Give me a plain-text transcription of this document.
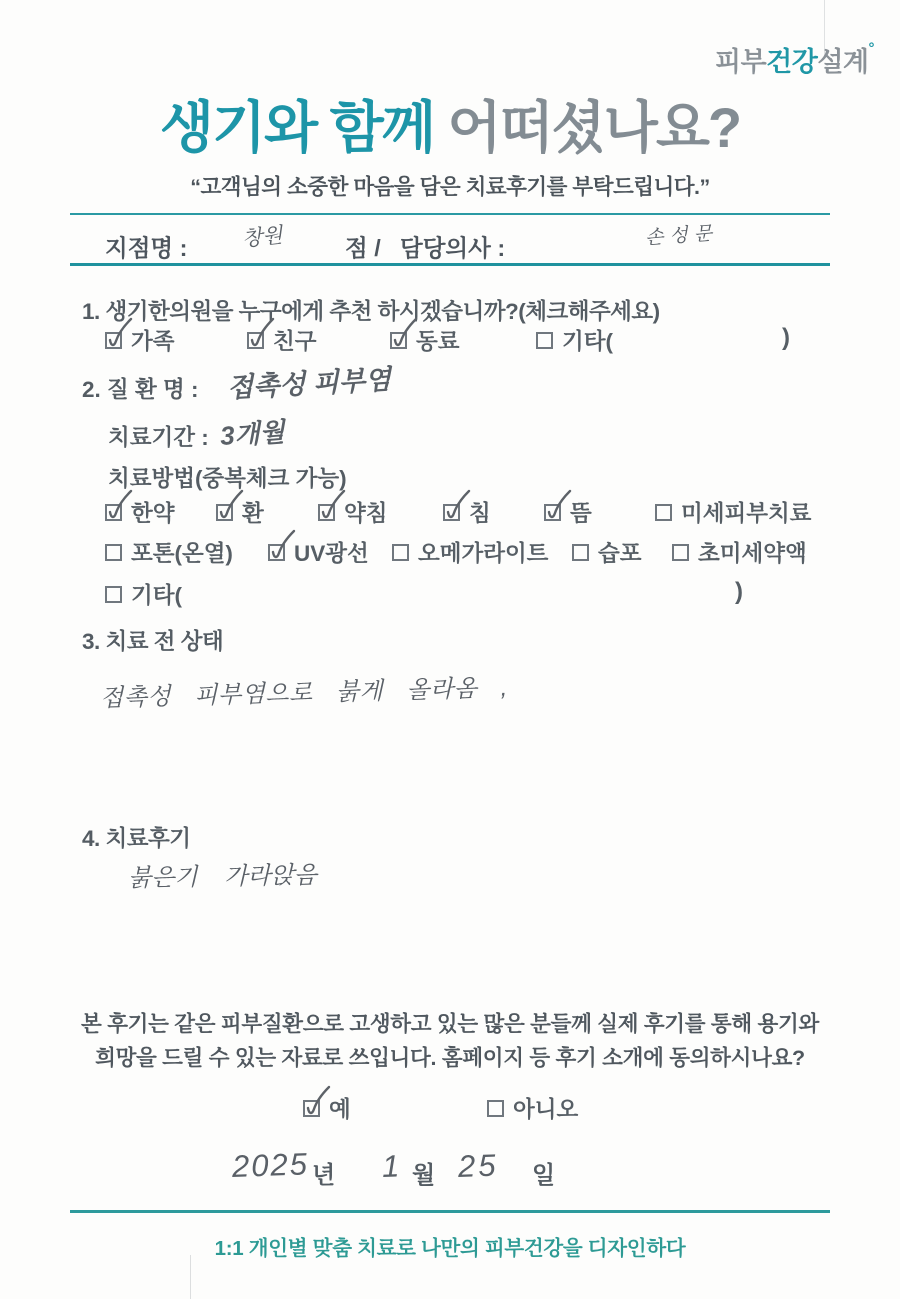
피부건강설계°
생기와 함께 어떠셨나요?
“고객님의 소중한 마음을 담은 치료후기를 부탁드립니다.”
지점명 :	창원	점 / 담당의사 :	손성문
1. 생기한의원을 누구에게 추천 하시겠습니까?(체크해주세요)
가족	친구	동료	기타(	)
2. 질 환 명 : 접촉성 피부염
치료기간 : 3개월
치료방법(중복체크 가능)
한약	환	약침	침	뜸	미세피부치료
포톤(온열)	UV광선 오메가라이트 습포	초미세약액
기타(	)
3. 치료 전 상태
접촉성 피부염으로 붉게 올라옴 ,
4. 치료후기
붉은기 가라앉음
본 후기는 같은 피부질환으로 고생하고 있는 많은 분들께 실제 후기를 통해 용기와
희망을 드릴 수 있는 자료로 쓰입니다. 홈페이지 등 후기 소개에 동의하시나요?
예	아니오
2025 년 1 월 25 일
1:1 개인별 맞춤 치료로 나만의 피부건강을 디자인하다
